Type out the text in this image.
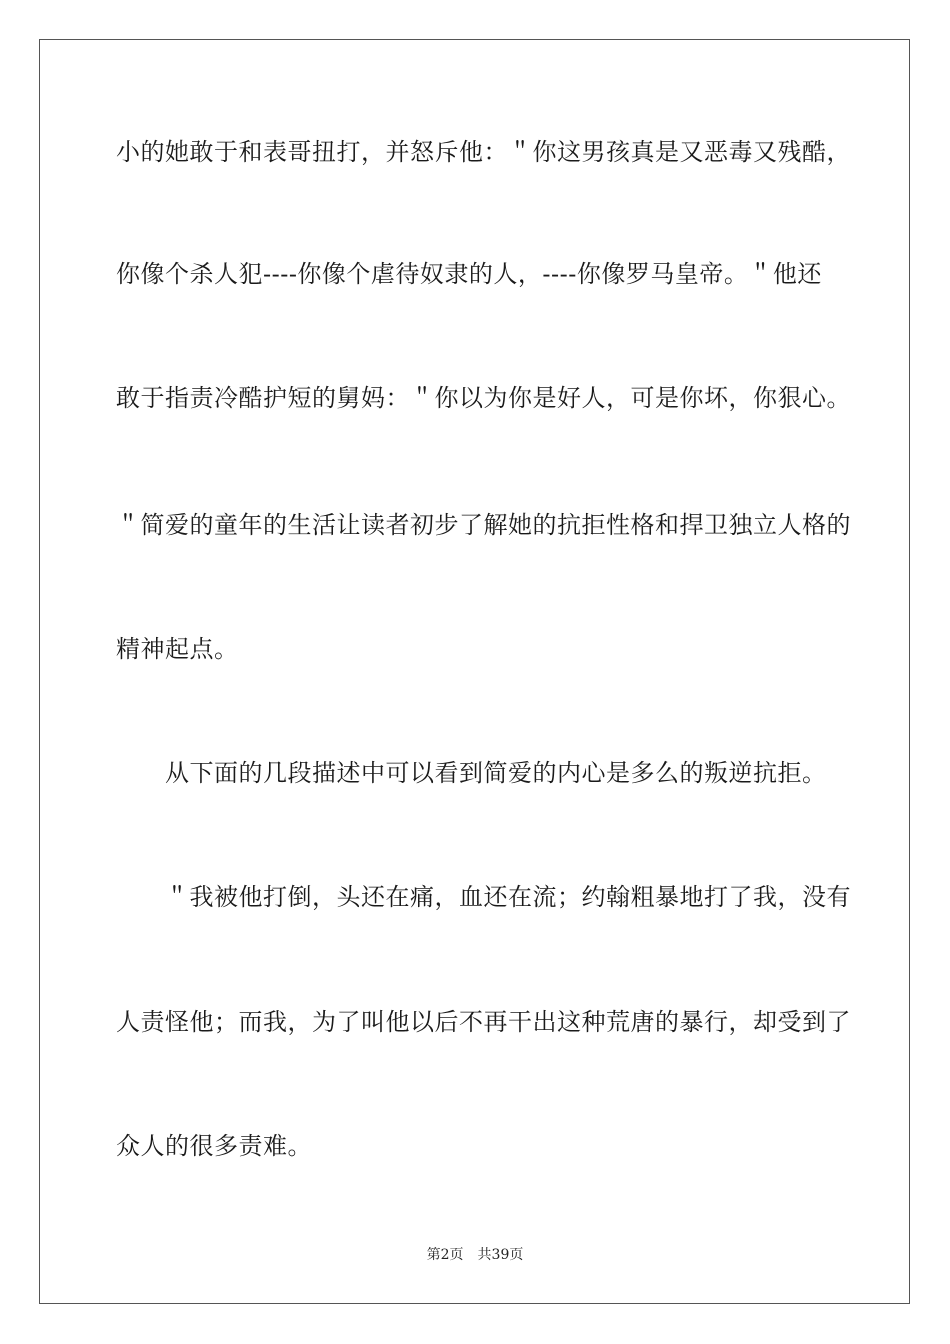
小的她敢于和表哥扭打，并怒斥他：＂你这男孩真是又恶毒又残酷，
你像个杀人犯----你像个虐待奴隶的人，----你像罗马皇帝。＂他还
敢于指责冷酷护短的舅妈：＂你以为你是好人，可是你坏，你狠心。
＂简爱的童年的生活让读者初步了解她的抗拒性格和捍卫独立人格的
精神起点。
　　从下面的几段描述中可以看到简爱的内心是多么的叛逆抗拒。
　　＂我被他打倒，头还在痛，血还在流；约翰粗暴地打了我，没有
人责怪他；而我，为了叫他以后不再干出这种荒唐的暴行，却受到了
众人的很多责难。
第2页 共39页
